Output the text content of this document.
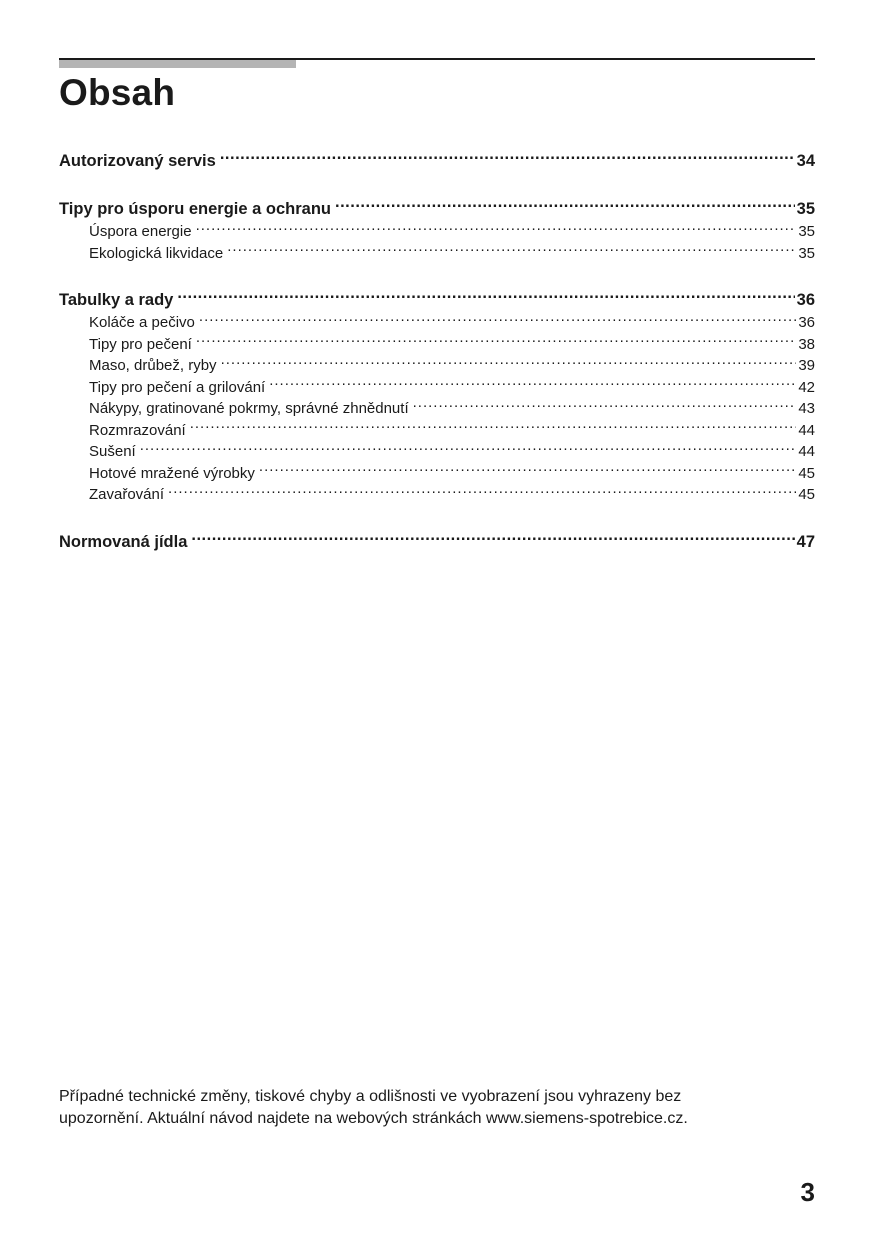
Obsah
Autorizovaný servis .....	34
Tipy pro úsporu energie a ochranu .....	35
Úspora energie .....	35
Ekologická likvidace .....	35
Tabulky a rady .....	36
Koláče a pečivo .....	36
Tipy pro pečení .....	38
Maso, drůbež, ryby .....	39
Tipy pro pečení a grilování .....	42
Nákypy, gratinované pokrmy, správné zhnědnutí .....	43
Rozmrazování .....	44
Sušení .....	44
Hotové mražené výrobky .....	45
Zavařování .....	45
Normovaná jídla .....	47

Případné technické změny, tiskové chyby a odlišnosti ve vyobrazení jsou vyhrazeny bez
upozornění. Aktuální návod najdete na webových stránkách www.siemens-spotrebice.cz.

3
